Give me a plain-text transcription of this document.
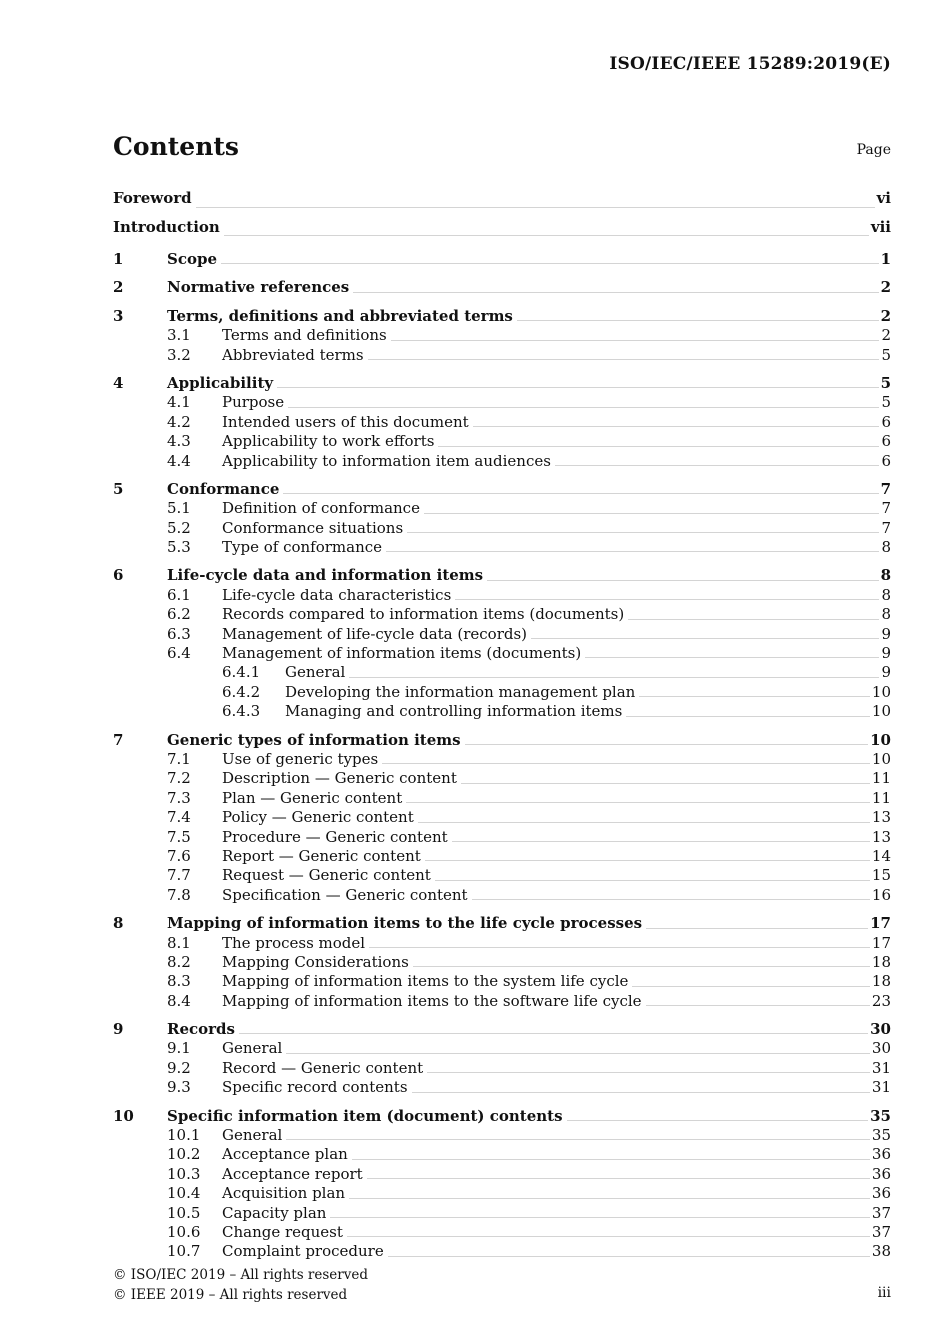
ISO/IEC/IEEE 15289:2019(E)
Contents	Page
Foreword	vi
Introduction	vii
1	Scope	1
2	Normative references	2
3	Terms, definitions and abbreviated terms	2
3.1 Terms and definitions	2
3.2 Abbreviated terms	5
4	Applicability	5
4.1 Purpose	5
4.2 Intended users of this document	6
4.3 Applicability to work efforts	6
4.4 Applicability to information item audiences	6
5	Conformance	7
5.1 Definition of conformance	7
5.2 Conformance situations	7
5.3 Type of conformance	8
6	Life-cycle data and information items	8
6.1 Life-cycle data characteristics	8
6.2 Records compared to information items (documents)	8
6.3 Management of life-cycle data (records)	9
6.4 Management of information items (documents)	9
6.4.1 General	9
6.4.2 Developing the information management plan	10
6.4.3 Managing and controlling information items	10
7	Generic types of information items	10
7.1 Use of generic types	10
7.2 Description — Generic content	11
7.3 Plan — Generic content	11
7.4 Policy — Generic content	13
7.5 Procedure — Generic content	13
7.6 Report — Generic content	14
7.7 Request — Generic content	15
7.8 Specification — Generic content	16
8	Mapping of information items to the life cycle processes	17
8.1 The process model	17
8.2 Mapping Considerations	18
8.3 Mapping of information items to the system life cycle	18
8.4 Mapping of information items to the software life cycle	23
9	Records	30
9.1 General	30
9.2 Record — Generic content	31
9.3 Specific record contents	31
10 Specific information item (document) contents	35
10.1 General	35
10.2 Acceptance plan	36
10.3 Acceptance report	36
10.4 Acquisition plan	36
10.5 Capacity plan	37
10.6 Change request	37
10.7 Complaint procedure	38
© ISO/IEC 2019 – All rights reserved
© IEEE 2019 – All rights reserved	iii
